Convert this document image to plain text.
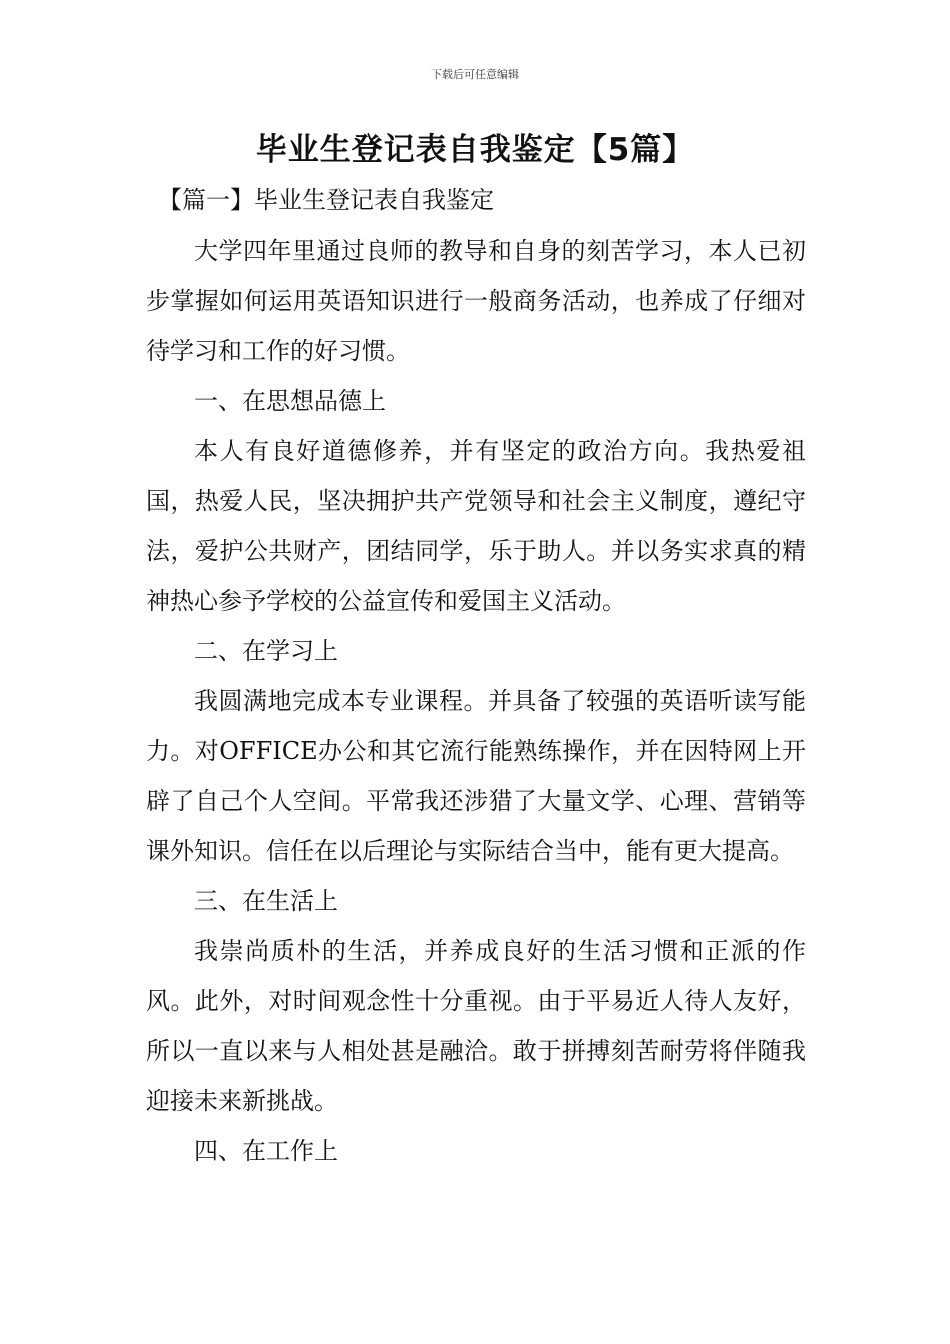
下载后可任意编辑
毕业生登记表自我鉴定【5篇】
【篇一】毕业生登记表自我鉴定

大学四年里通过良师的教导和自身的刻苦学习，本人已初步掌握如何运用英语知识进行一般商务活动，也养成了仔细对待学习和工作的好习惯。

一、在思想品德上

本人有良好道德修养，并有坚定的政治方向。我热爱祖国，热爱人民，坚决拥护共产党领导和社会主义制度，遵纪守法，爱护公共财产，团结同学，乐于助人。并以务实求真的精神热心参予学校的公益宣传和爱国主义活动。

二、在学习上

我圆满地完成本专业课程。并具备了较强的英语听读写能力。对OFFICE办公和其它流行能熟练操作，并在因特网上开辟了自己个人空间。平常我还涉猎了大量文学、心理、营销等课外知识。信任在以后理论与实际结合当中，能有更大提高。

三、在生活上

我崇尚质朴的生活，并养成良好的生活习惯和正派的作风。此外，对时间观念性十分重视。由于平易近人待人友好，所以一直以来与人相处甚是融洽。敢于拼搏刻苦耐劳将伴随我迎接未来新挑战。

四、在工作上
